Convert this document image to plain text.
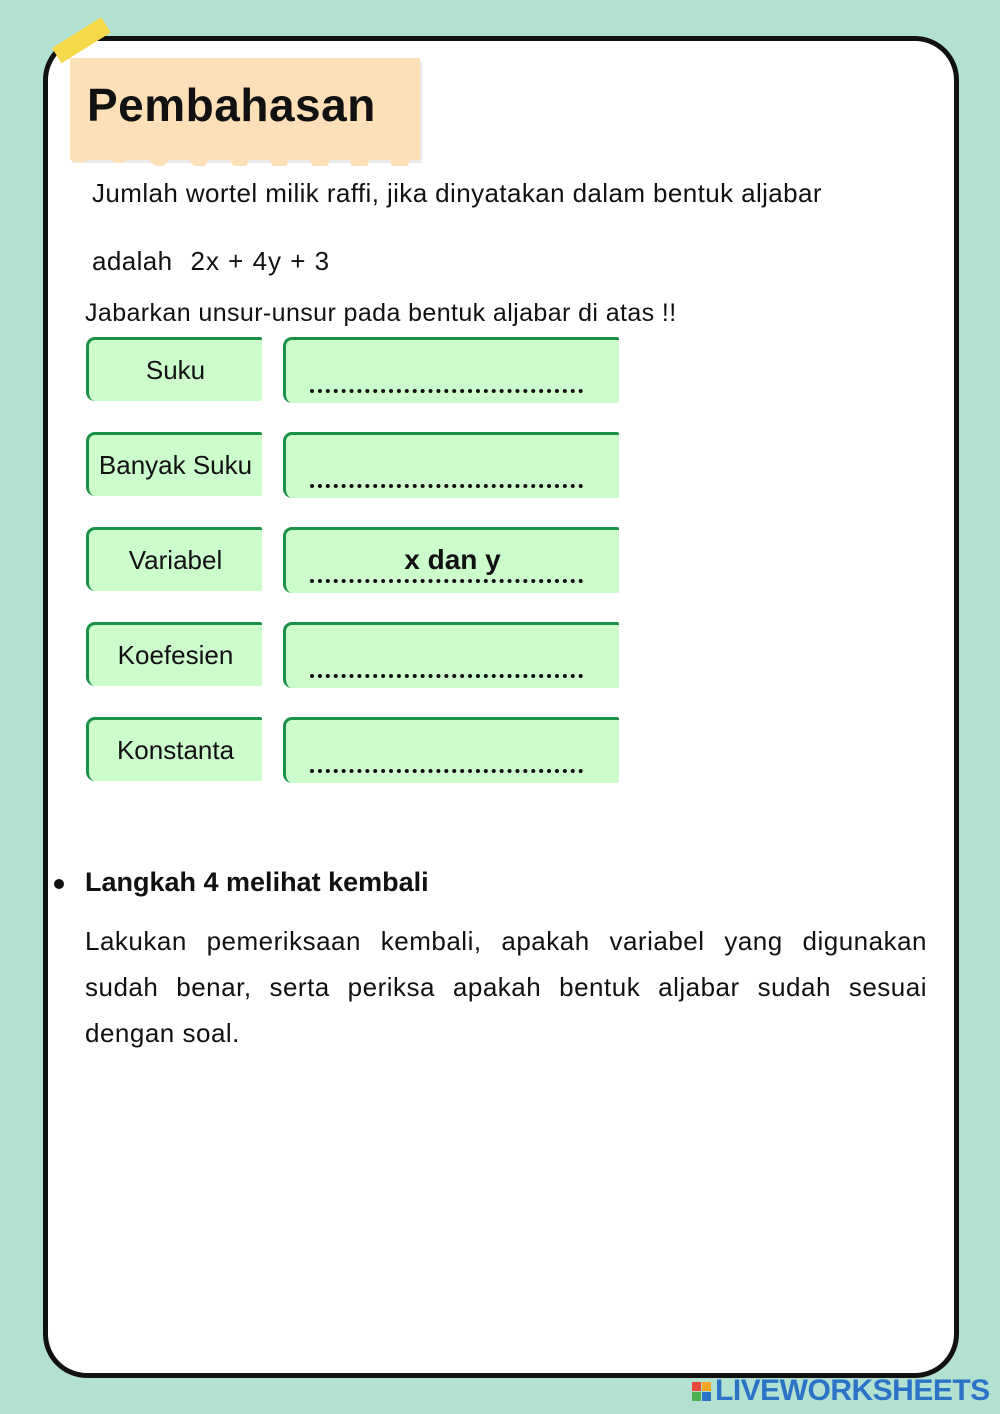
Pembahasan
Jumlah wortel milik raffi, jika dinyatakan dalam bentuk aljabar
adalah 2x + 4y + 3
Jabarkan unsur-unsur pada bentuk aljabar di atas !!
Suku
Banyak Suku
Variabel	x dan y
Koefesien
Konstanta
Langkah 4 melihat kembali
Lakukan pemeriksaan kembali, apakah variabel yang digunakan sudah benar, serta periksa apakah bentuk aljabar sudah sesuai dengan soal.
LIVEWORKSHEETS
